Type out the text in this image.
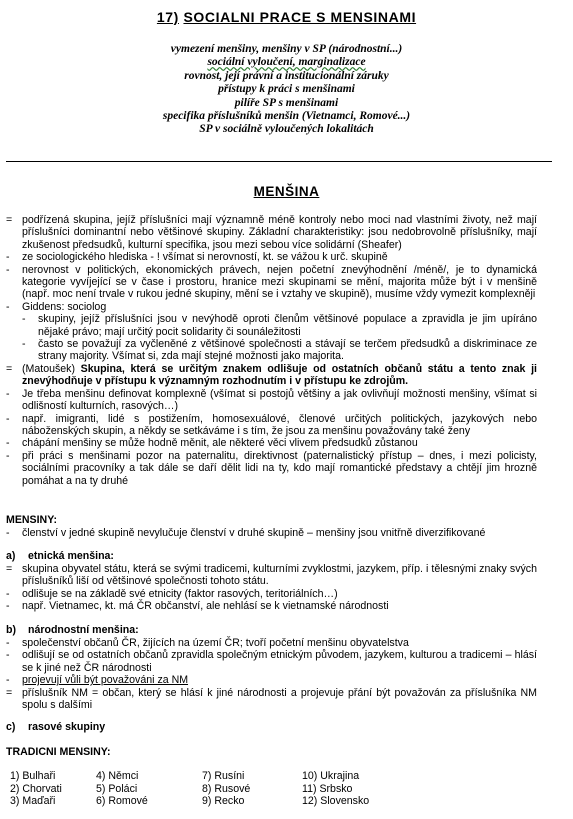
17) SOCIALNI PRACE S MENSINAMI
vymezení menšiny, menšiny v SP (národnostní...)
sociální vyloučení, marginalizace
rovnost, její právní a institucionální záruky
přístupy k práci s menšinami
pilíře SP s menšinami
specifika příslušníků menšin (Vietnamci, Romové...)
SP v sociálně vyloučených lokalitách
MENŠINA
= podřízená skupina, jejíž příslušníci mají významně méně kontroly nebo moci nad vlastními životy, než mají příslušníci dominantní nebo většinové skupiny. Základní charakteristiky: jsou nedobrovolně příslušníky, mají zkušenost předsudků, kulturní specifika, jsou mezi sebou více solidární (Sheafer)
-	ze sociologického hlediska - ! všímat si nerovností, kt. se vážou k urč. skupině
-	nerovnost v politických, ekonomických právech, nejen početní znevýhodnění /méně/, je to dynamická kategorie vyvíjející se v čase i prostoru, hranice mezi skupinami se mění, majorita může být i v menšině (např. moc není trvale v rukou jedné skupiny, mění se i vztahy ve skupině), musíme vždy vymezit komplexněji
-	Giddens: sociolog
-	skupiny, jejíž příslušníci jsou v nevýhodě oproti členům většinové populace a zpravidla je jim upíráno nějaké právo; mají určitý pocit solidarity či sounáležitosti
-	často se považují za vyčleněné z většinové společnosti a stávají se terčem předsudků a diskriminace ze strany majority. Všímat si, zda mají stejné možnosti jako majorita.
= (Matoušek) Skupina, která se určitým znakem odlišuje od ostatních občanů státu a tento znak ji znevýhodňuje v přístupu k významným rozhodnutím i v přístupu ke zdrojům.
-	Je třeba menšinu definovat komplexně (všímat si postojů většiny a jak ovlivňují možnosti menšiny, všímat si odlišností kulturních, rasových…)
-	např. imigranti, lidé s postižením, homosexuálové, členové určitých politických, jazykových nebo náboženských skupin, a někdy se setkáváme i s tím, že jsou za menšinu považovány také ženy
-	chápání menšiny se může hodně měnit, ale některé věci vlivem předsudků zůstanou
-	při práci s menšinami pozor na paternalitu, direktivnost (paternalistický přístup – dnes, i mezi policisty, sociálními pracovníky a tak dále se daří dělit lidi na ty, kdo mají romantické představy a chtějí jim hrozně pomáhat a na ty druhé
MENSINY:
-	členství v jedné skupině nevylučuje členství v druhé skupině – menšiny jsou vnitřně diverzifikované
a) etnická menšina:
= skupina obyvatel státu, která se svými tradicemi, kulturními zvyklostmi, jazykem, příp. i tělesnými znaky svých příslušníků liší od většinové společnosti tohoto státu.
-	odlišuje se na základě své etnicity (faktor rasových, teritoriálních…)
-	např. Vietnamec, kt. má ČR občanství, ale nehlásí se k vietnamské národnosti
b) národnostní menšina:
-	společenství občanů ČR, žijících na území ČR; tvoří početní menšinu obyvatelstva
-	odlišují se od ostatních občanů zpravidla společným etnickým původem, jazykem, kulturou a tradicemi – hlásí se k jiné než ČR národnosti
-	projevují vůli být považováni za NM
= příslušník NM = občan, který se hlásí k jiné národnosti a projevuje přání být považován za příslušníka NM spolu s dalšími
c) rasové skupiny
TRADICNI MENSINY:
1) Bulhaři	4) Němci	7) Rusíni	10) Ukrajina
2) Chorvati	5) Poláci	8) Rusové	11) Srbsko
3) Maďaři	6) Romové	9) Recko	12) Slovensko
